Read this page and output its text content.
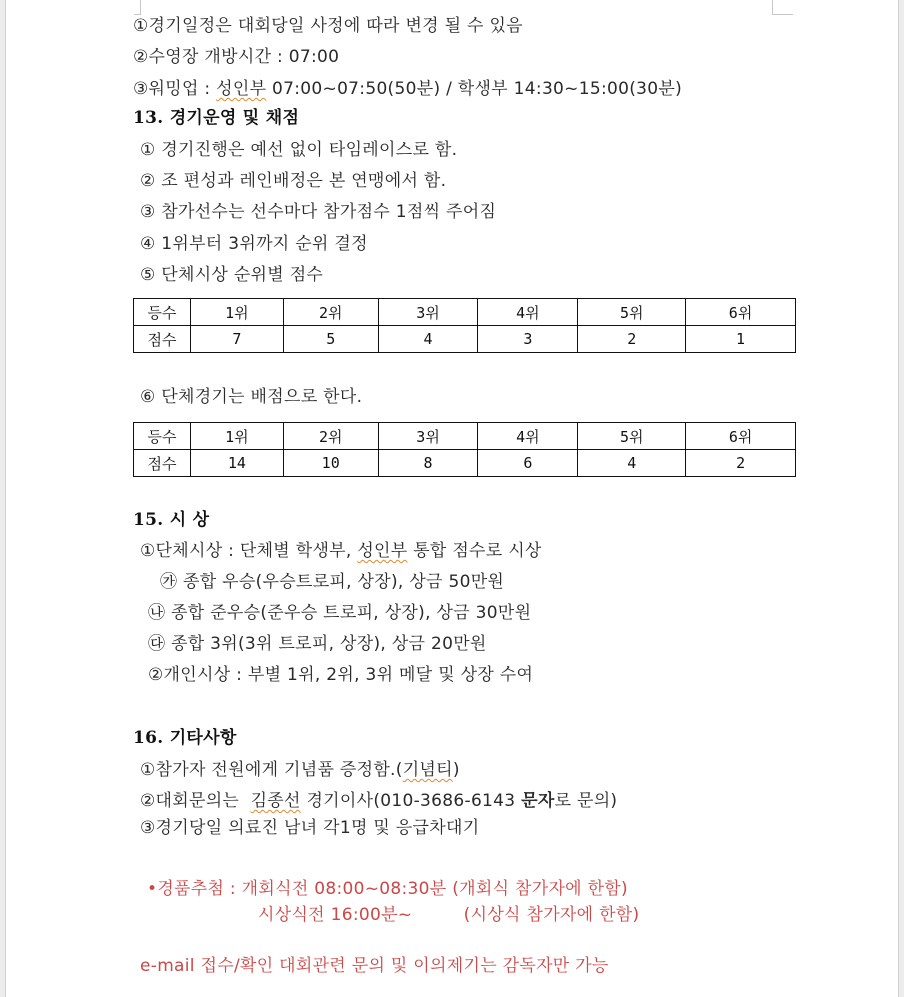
①경기일정은 대회당일 사정에 따라 변경 될 수 있음
②수영장 개방시간 : 07:00
③워밍업 : 성인부 07:00~07:50(50분) / 학생부 14:30~15:00(30분)
13. 경기운영 및 채점
① 경기진행은 예선 없이 타임레이스로 함.
② 조 편성과 레인배정은 본 연맹에서 함.
③ 참가선수는 선수마다 참가점수 1점씩 주어짐
④ 1위부터 3위까지 순위 결정
⑤ 단체시상 순위별 점수
등수	1위	2위	3위	4위	5위	6위
점수	7	5	4	3	2	1
⑥ 단체경기는 배점으로 한다.
등수	1위	2위	3위	4위	5위	6위
점수	14	10	8	6	4	2
15. 시 상
①단체시상 : 단체별 학생부, 성인부 통합 점수로 시상
㉮ 종합 우승(우승트로피, 상장), 상금 50만원
㉯ 종합 준우승(준우승 트로피, 상장), 상금 30만원
㉰ 종합 3위(3위 트로피, 상장), 상금 20만원
②개인시상 : 부별 1위, 2위, 3위 메달 및 상장 수여
16. 기타사항
①참가자 전원에게 기념품 증정함.(기념티)
②대회문의는  김종선 경기이사(010-3686-6143 문자로 문의)
③경기당일 의료진 남녀 각1명 및 응급차대기
•경품추첨 : 개회식전 08:00~08:30분 (개회식 참가자에 한함)
시상식전 16:00분~         (시상식 참가자에 한함)
e-mail 접수/확인 대회관련 문의 및 이의제기는 감독자만 가능
